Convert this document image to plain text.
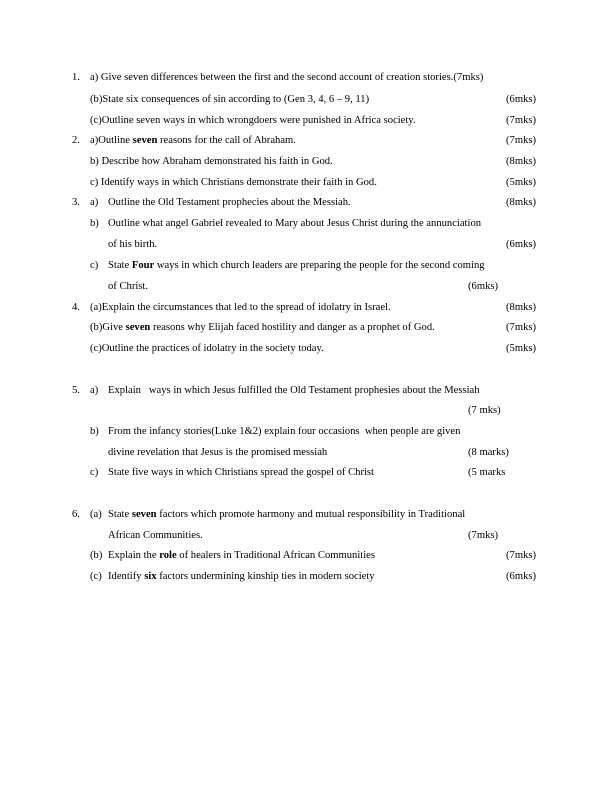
1. a) Give seven differences between the first and the second account of creation stories.(7mks)
(b)State six consequences of sin according to (Gen 3, 4, 6 – 9, 11)	(6mks)
(c)Outline seven ways in which wrongdoers were punished in Africa society.	(7mks)
2. a)Outline seven reasons for the call of Abraham.	(7mks)
b) Describe how Abraham demonstrated his faith in God.	(8mks)
c) Identify ways in which Christians demonstrate their faith in God.	(5mks)
3. a) Outline the Old Testament prophecies about the Messiah.	(8mks)
b) Outline what angel Gabriel revealed to Mary about Jesus Christ during the annunciation
of his birth.	(6mks)
c) State Four ways in which church leaders are preparing the people for the second coming
of Christ.	(6mks)
4. (a)Explain the circumstances that led to the spread of idolatry in Israel.	(8mks)
(b)Give seven reasons why Elijah faced hostility and danger as a prophet of God.	(7mks)
(c)Outline the practices of idolatry in the society today.	(5mks)
5. a) Explain   ways in which Jesus fulfilled the Old Testament prophesies about the Messiah
(7 mks)
b) From the infancy stories(Luke 1&2) explain four occasions  when people are given
divine revelation that Jesus is the promised messiah	(8 marks)
c) State five ways in which Christians spread the gospel of Christ	(5 marks
6. (a) State seven factors which promote harmony and mutual responsibility in Traditional
African Communities.	(7mks)
(b) Explain the role of healers in Traditional African Communities	(7mks)
(c) Identify six factors undermining kinship ties in modern society	(6mks)
